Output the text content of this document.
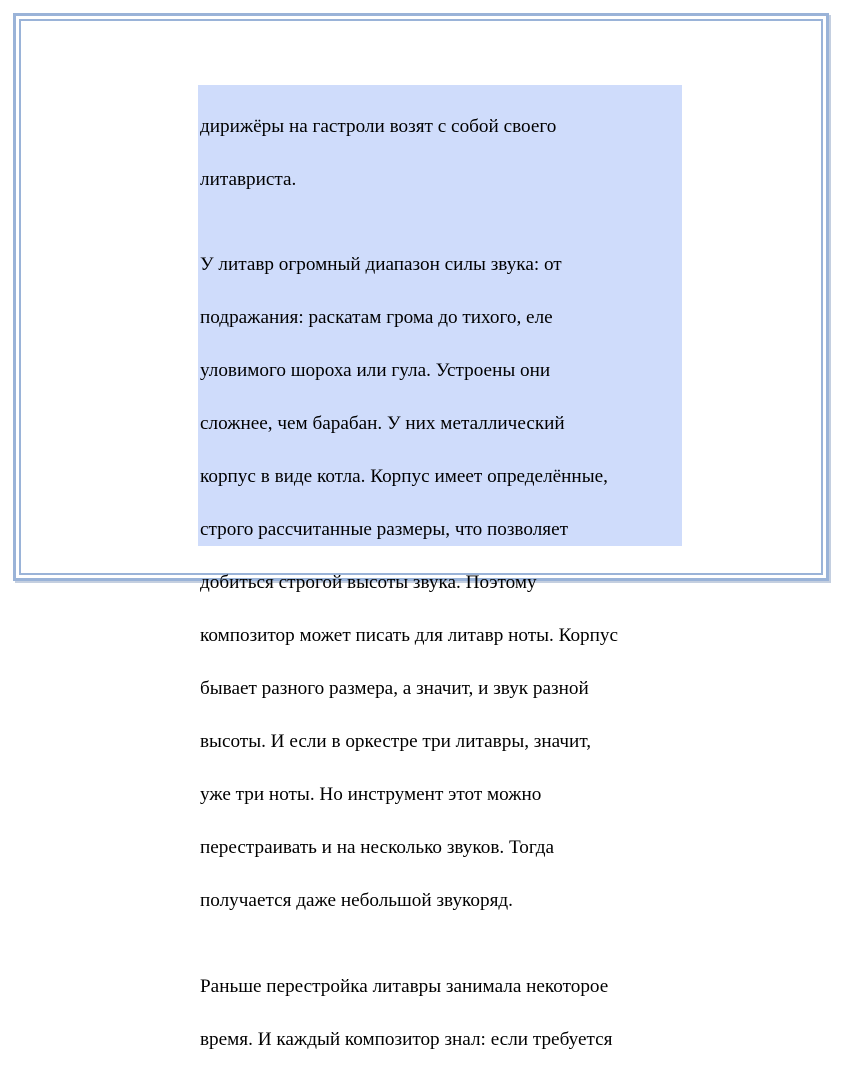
дирижёры на гастроли возят с собой своего

литавриста.

У литавр огромный диапазон силы звука: от

подражания: раскатам грома до тихого, еле

уловимого шороха или гула. Устроены они

сложнее, чем барабан. У них металлический

корпус в виде котла. Корпус имеет определённые,

строго рассчитанные размеры, что позволяет

добиться строгой высоты звука. Поэтому

композитор может писать для литавр ноты. Корпус

бывает разного размера, а значит, и звук разной

высоты. И если в оркестре три литавры, значит,

уже три ноты. Но инструмент этот можно

перестраивать и на несколько звуков. Тогда

получается даже небольшой звукоряд.

Раньше перестройка литавры занимала некоторое

время. И каждый композитор знал: если требуется
